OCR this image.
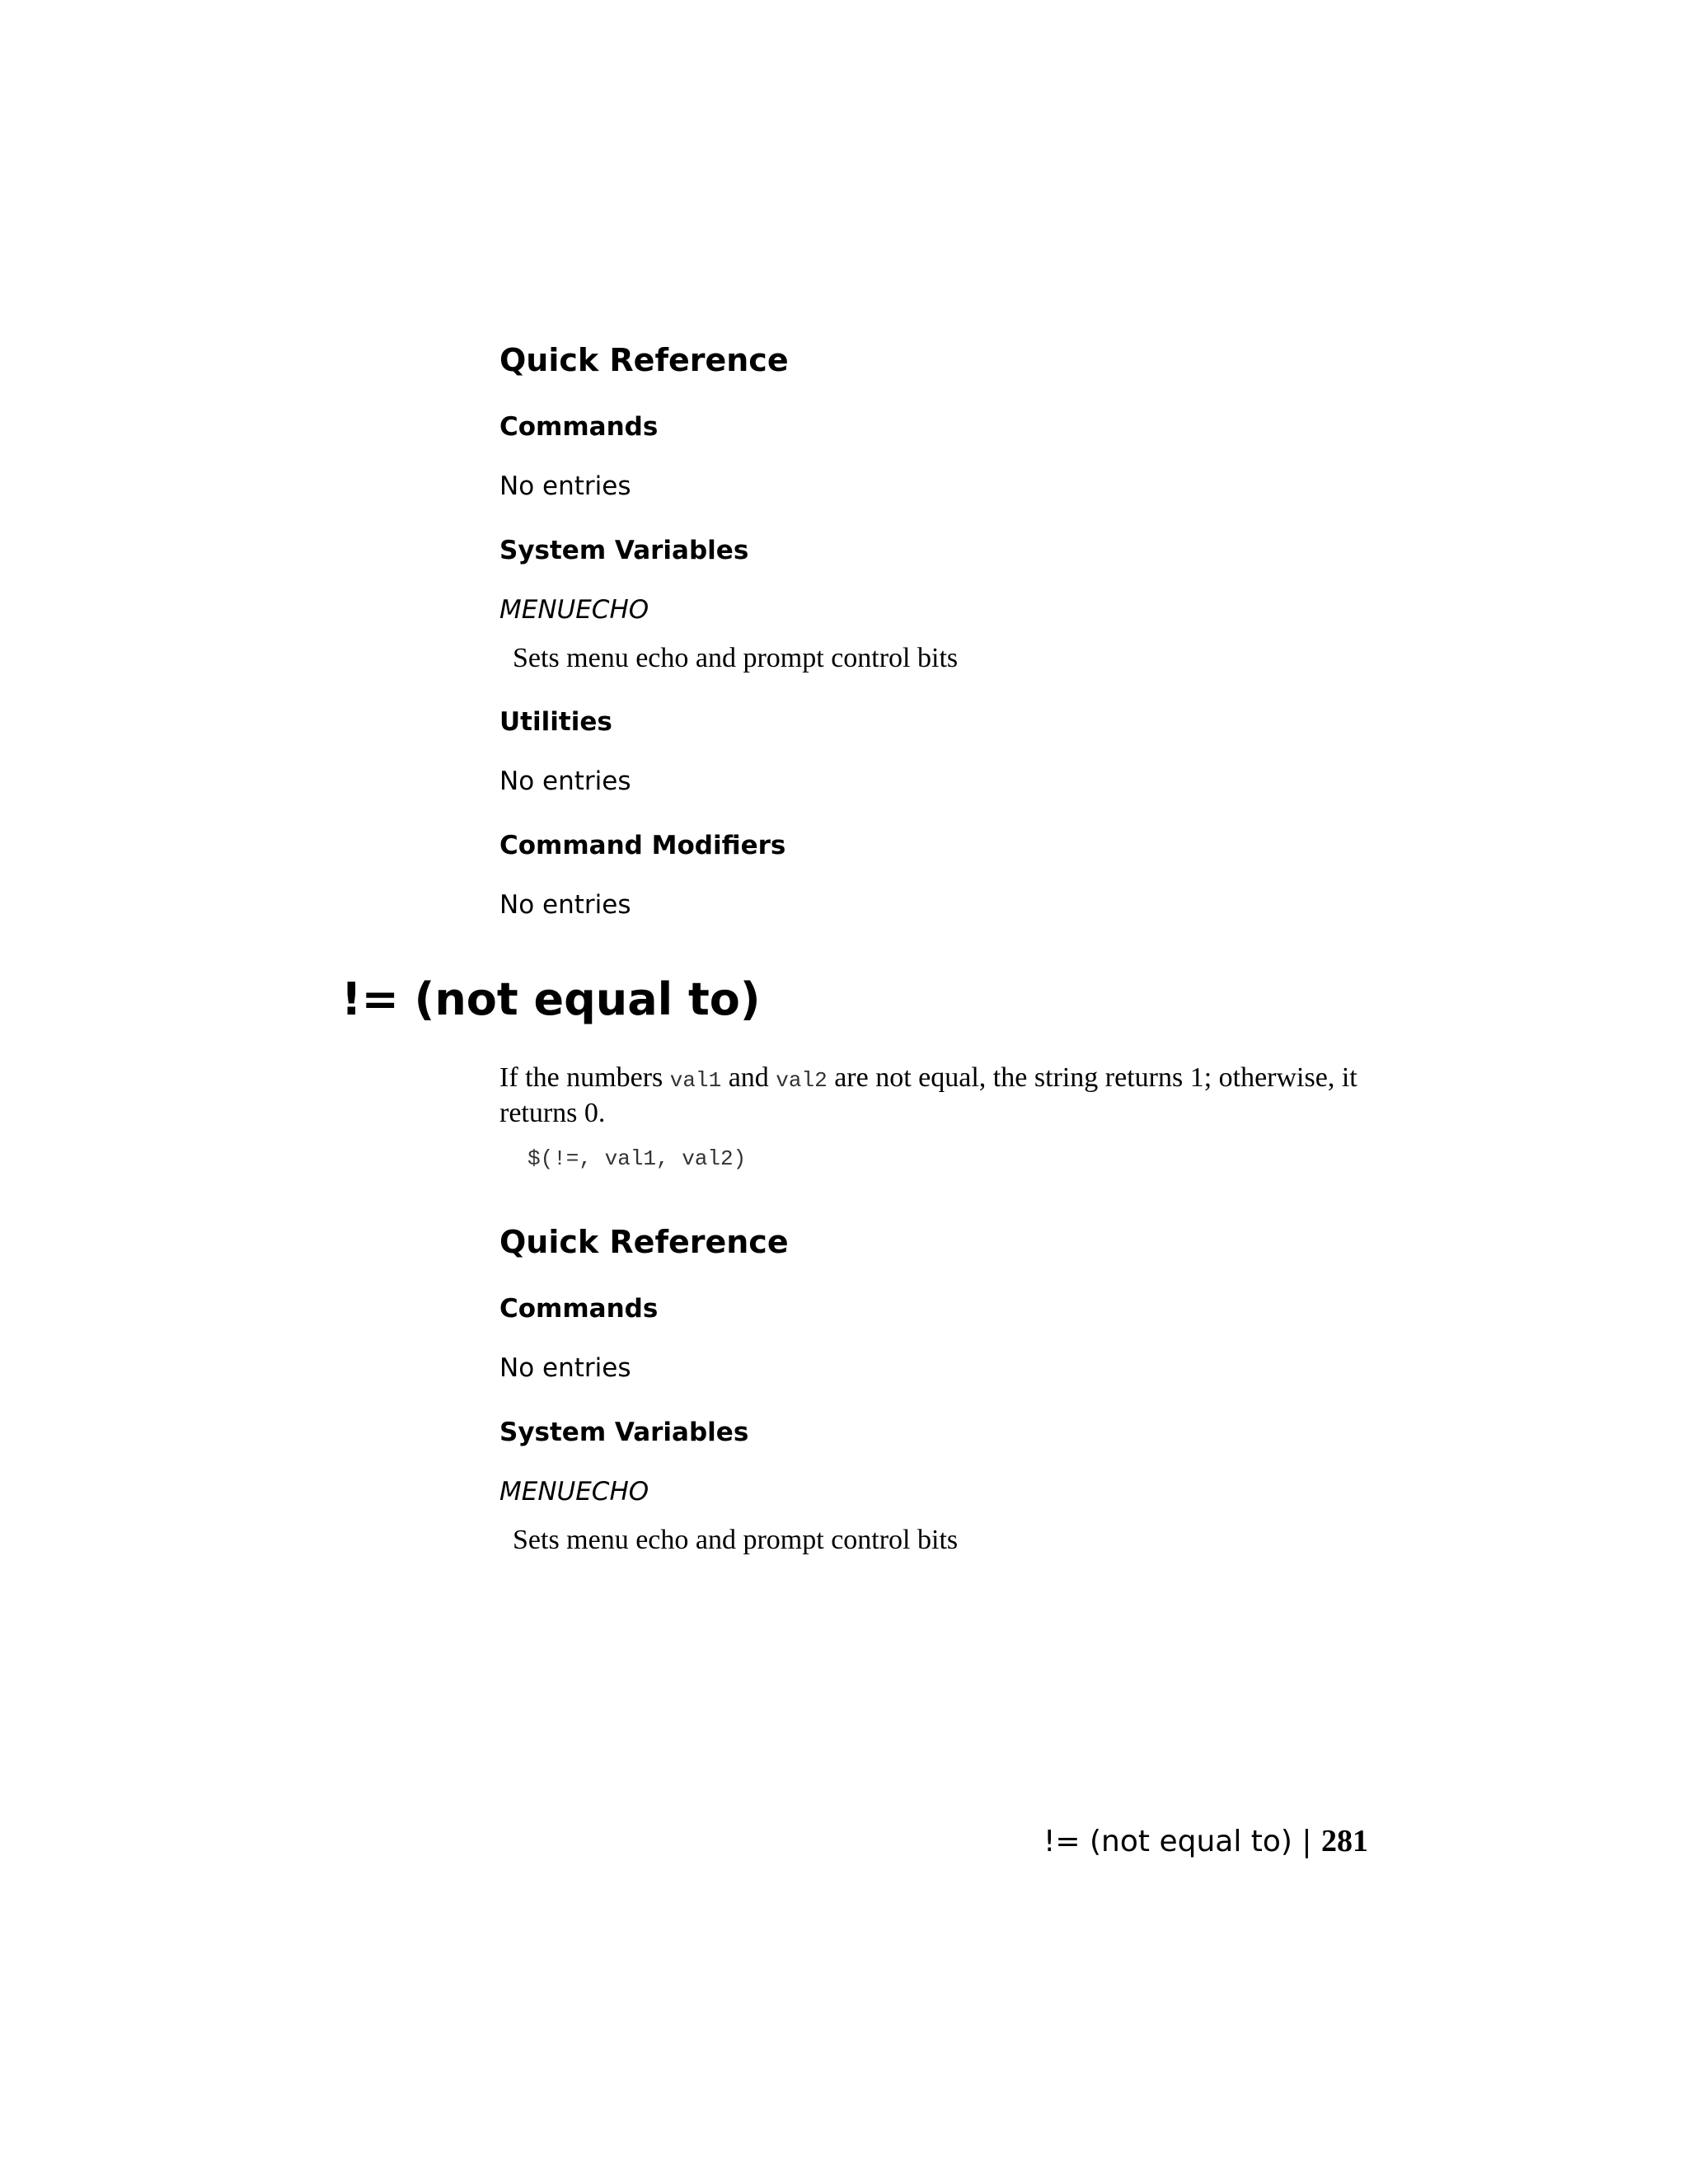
Quick Reference
Commands

No entries

System Variables

MENUECHO

Sets menu echo and prompt control bits

Utilities

No entries

Command Modifiers

No entries

!= (not equal to)

If the numbers val1 and val2 are not equal, the string returns 1; otherwise, it returns 0.

$(!=, val1, val2)
Quick Reference
Commands

No entries

System Variables

MENUECHO

Sets menu echo and prompt control bits

!= (not equal to) | 281
